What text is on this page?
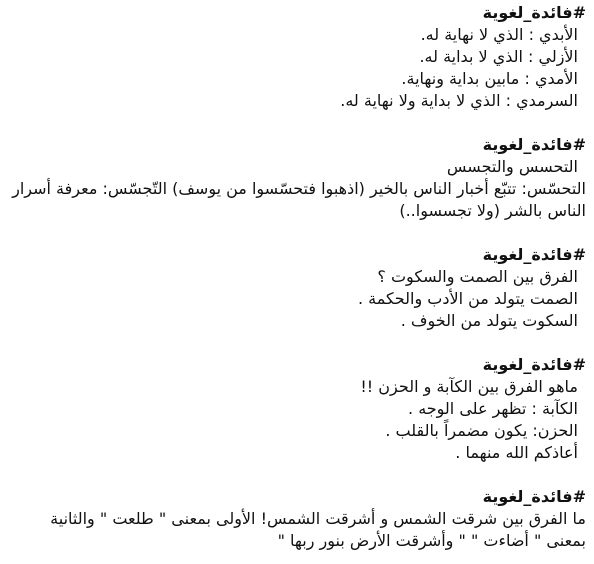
#فائدة_لغوية
الأبدي : الذي لا نهاية له.
الأزلي : الذي لا بداية له.
الأمدي : مابين بداية ونهاية.
السرمدي : الذي لا بداية ولا نهاية له.
#فائدة_لغوية
التحسس والتجسس
التحسّس: تتبّع أخبار الناس بالخير (اذهبوا فتحسّسوا من يوسف) التّجسّس: معرفة أسرار الناس بالشر (ولا تجسسوا..)
#فائدة_لغوية
الفرق بين الصمت والسكوت ؟
الصمت يتولد من الأدب والحكمة .
السكوت يتولد من الخوف .
#فائدة_لغوية
ماهو الفرق بين الكآبة و الحزن !!
الكآبة : تظهر على الوجه .
الحزن: يكون مضمراً بالقلب .
أعاذكم الله منهما .
#فائدة_لغوية
ما الفرق بين شرقت الشمس و أشرقت الشمس! الأولى بمعنى " طلعت " والثانية بمعنى " أضاءت " " وأشرقت الأرض بنور ربها "
